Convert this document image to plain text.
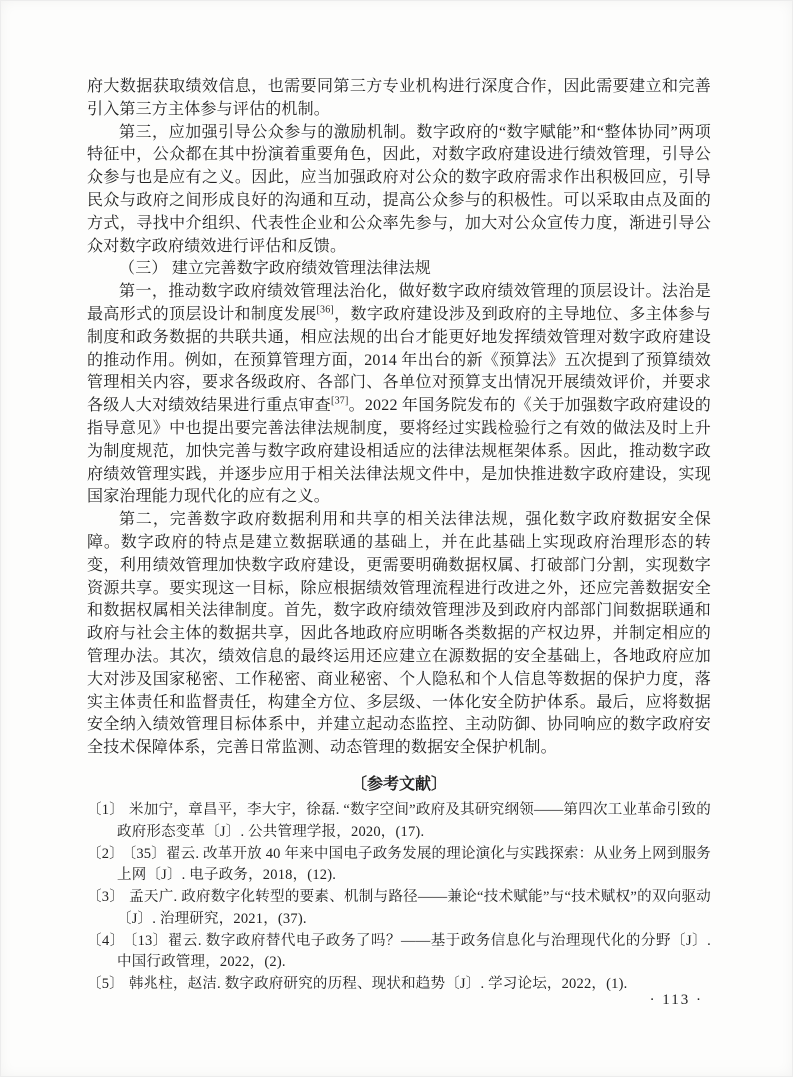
府大数据获取绩效信息，也需要同第三方专业机构进行深度合作，因此需要建立和完善引入第三方主体参与评估的机制。

第三，应加强引导公众参与的激励机制。数字政府的“数字赋能”和“整体协同”两项特征中，公众都在其中扮演着重要角色，因此，对数字政府建设进行绩效管理，引导公众参与也是应有之义。因此，应当加强政府对公众的数字政府需求作出积极回应，引导民众与政府之间形成良好的沟通和互动，提高公众参与的积极性。可以采取由点及面的方式，寻找中介组织、代表性企业和公众率先参与，加大对公众宣传力度，渐进引导公众对数字政府绩效进行评估和反馈。

（三） 建立完善数字政府绩效管理法律法规

第一，推动数字政府绩效管理法治化，做好数字政府绩效管理的顶层设计。法治是最高形式的顶层设计和制度发展[36]，数字政府建设涉及到政府的主导地位、多主体参与制度和政务数据的共联共通，相应法规的出台才能更好地发挥绩效管理对数字政府建设的推动作用。例如，在预算管理方面，2014 年出台的新《预算法》五次提到了预算绩效管理相关内容，要求各级政府、各部门、各单位对预算支出情况开展绩效评价，并要求各级人大对绩效结果进行重点审查[37]。2022 年国务院发布的《关于加强数字政府建设的指导意见》中也提出要完善法律法规制度，要将经过实践检验行之有效的做法及时上升为制度规范，加快完善与数字政府建设相适应的法律法规框架体系。因此，推动数字政府绩效管理实践，并逐步应用于相关法律法规文件中，是加快推进数字政府建设，实现国家治理能力现代化的应有之义。

第二，完善数字政府数据利用和共享的相关法律法规，强化数字政府数据安全保障。数字政府的特点是建立数据联通的基础上，并在此基础上实现政府治理形态的转变，利用绩效管理加快数字政府建设，更需要明确数据权属、打破部门分割，实现数字资源共享。要实现这一目标，除应根据绩效管理流程进行改进之外，还应完善数据安全和数据权属相关法律制度。首先，数字政府绩效管理涉及到政府内部部门间数据联通和政府与社会主体的数据共享，因此各地政府应明晰各类数据的产权边界，并制定相应的管理办法。其次，绩效信息的最终运用还应建立在源数据的安全基础上，各地政府应加大对涉及国家秘密、工作秘密、商业秘密、个人隐私和个人信息等数据的保护力度，落实主体责任和监督责任，构建全方位、多层级、一体化安全防护体系。最后，应将数据安全纳入绩效管理目标体系中，并建立起动态监控、主动防御、协同响应的数字政府安全技术保障体系，完善日常监测、动态管理的数据安全保护机制。

〔参考文献〕

〔1〕 米加宁，章昌平，李大宇，徐磊. “数字空间”政府及其研究纲领——第四次工业革命引致的政府形态变革〔J〕. 公共管理学报，2020，(17).
〔2〕 〔35〕翟云. 改革开放 40 年来中国电子政务发展的理论演化与实践探索：从业务上网到服务上网〔J〕. 电子政务，2018，(12).
〔3〕 孟天广. 政府数字化转型的要素、机制与路径——兼论“技术赋能”与“技术赋权”的双向驱动〔J〕. 治理研究，2021，(37).
〔4〕 〔13〕翟云. 数字政府替代电子政务了吗？——基于政务信息化与治理现代化的分野〔J〕. 中国行政管理，2022，(2).
〔5〕 韩兆柱，赵洁. 数字政府研究的历程、现状和趋势〔J〕. 学习论坛，2022，(1).
· 113 ·
